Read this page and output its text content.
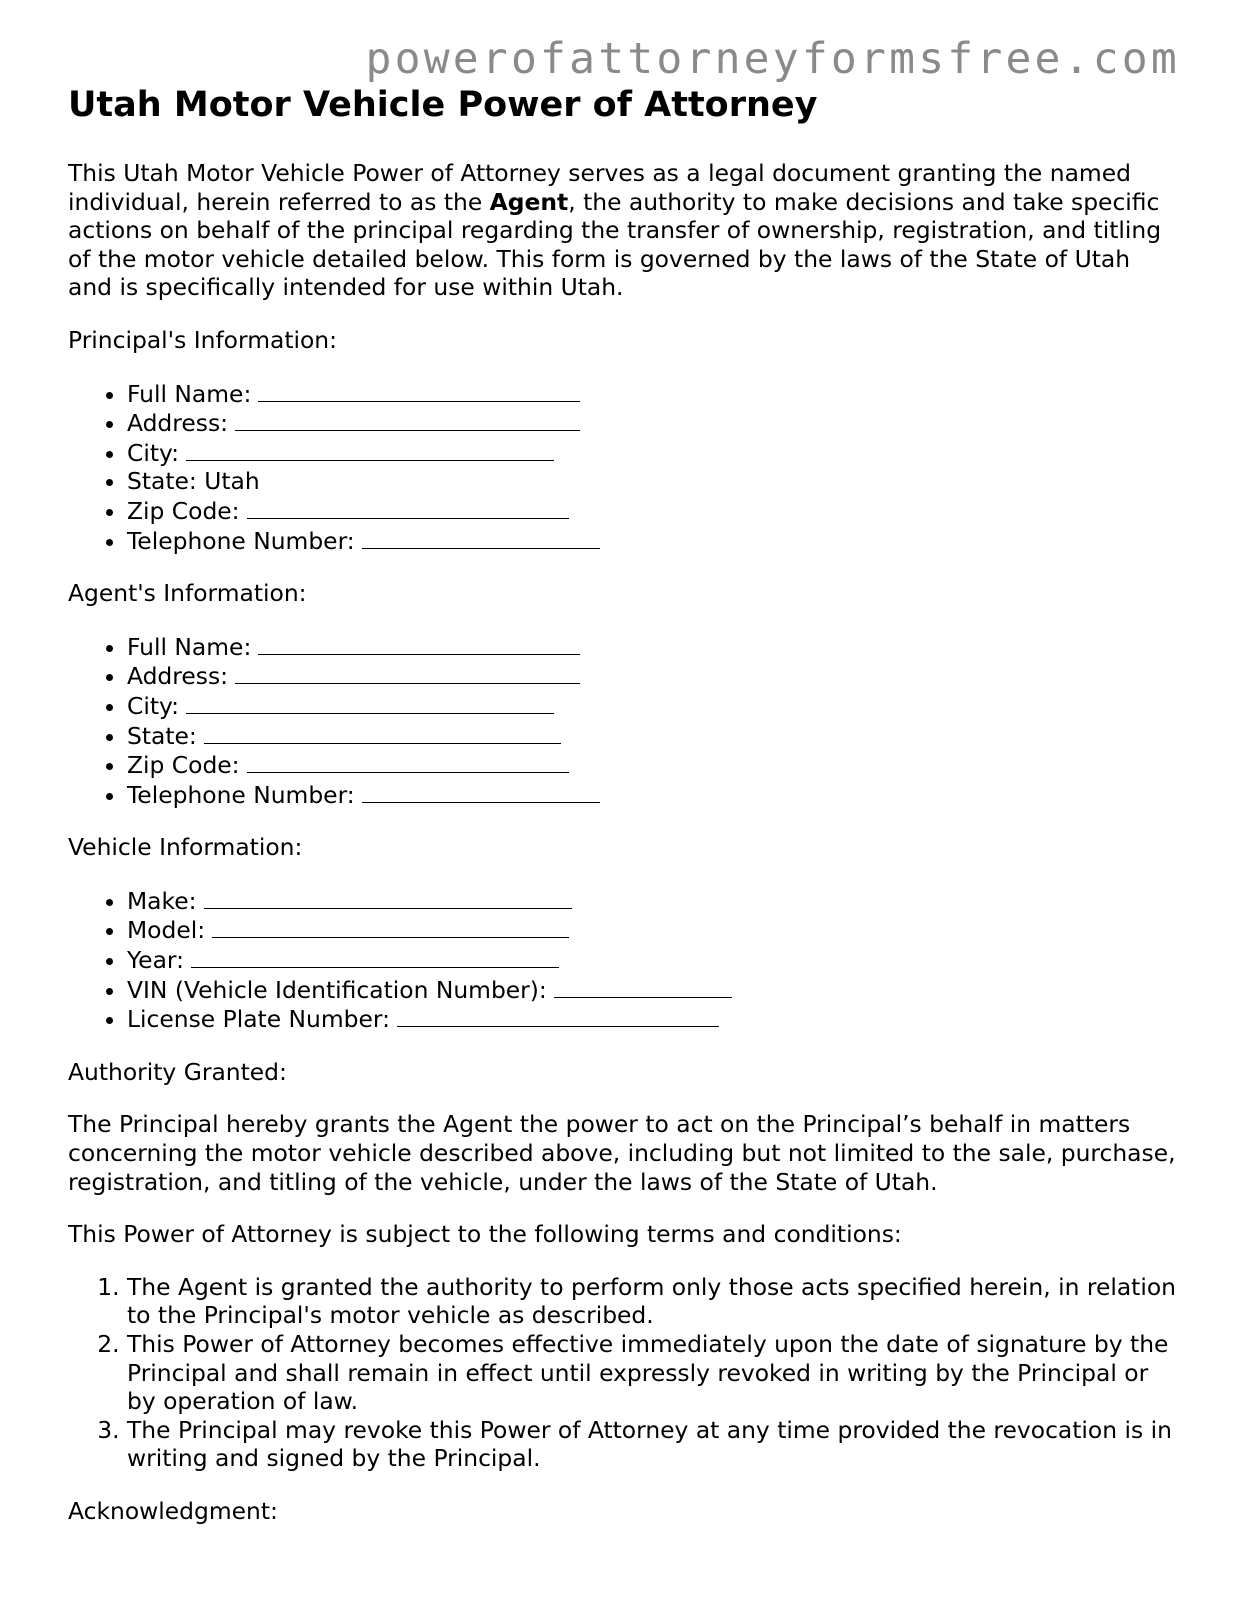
powerofattorneyformsfree.com
Utah Motor Vehicle Power of Attorney

This Utah Motor Vehicle Power of Attorney serves as a legal document granting the named individual, herein referred to as the Agent, the authority to make decisions and take specific actions on behalf of the principal regarding the transfer of ownership, registration, and titling of the motor vehicle detailed below. This form is governed by the laws of the State of Utah and is specifically intended for use within Utah.

Principal's Information:

• Full Name:
• Address:
• City:
• State: Utah
• Zip Code:
• Telephone Number:

Agent's Information:

• Full Name:
• Address:
• City:
• State:
• Zip Code:
• Telephone Number:

Vehicle Information:

• Make:
• Model:
• Year:
• VIN (Vehicle Identification Number):
• License Plate Number:

Authority Granted:

The Principal hereby grants the Agent the power to act on the Principal’s behalf in matters concerning the motor vehicle described above, including but not limited to the sale, purchase, registration, and titling of the vehicle, under the laws of the State of Utah.

This Power of Attorney is subject to the following terms and conditions:

1. The Agent is granted the authority to perform only those acts specified herein, in relation to the Principal's motor vehicle as described.
2. This Power of Attorney becomes effective immediately upon the date of signature by the Principal and shall remain in effect until expressly revoked in writing by the Principal or by operation of law.
3. The Principal may revoke this Power of Attorney at any time provided the revocation is in writing and signed by the Principal.

Acknowledgment:
